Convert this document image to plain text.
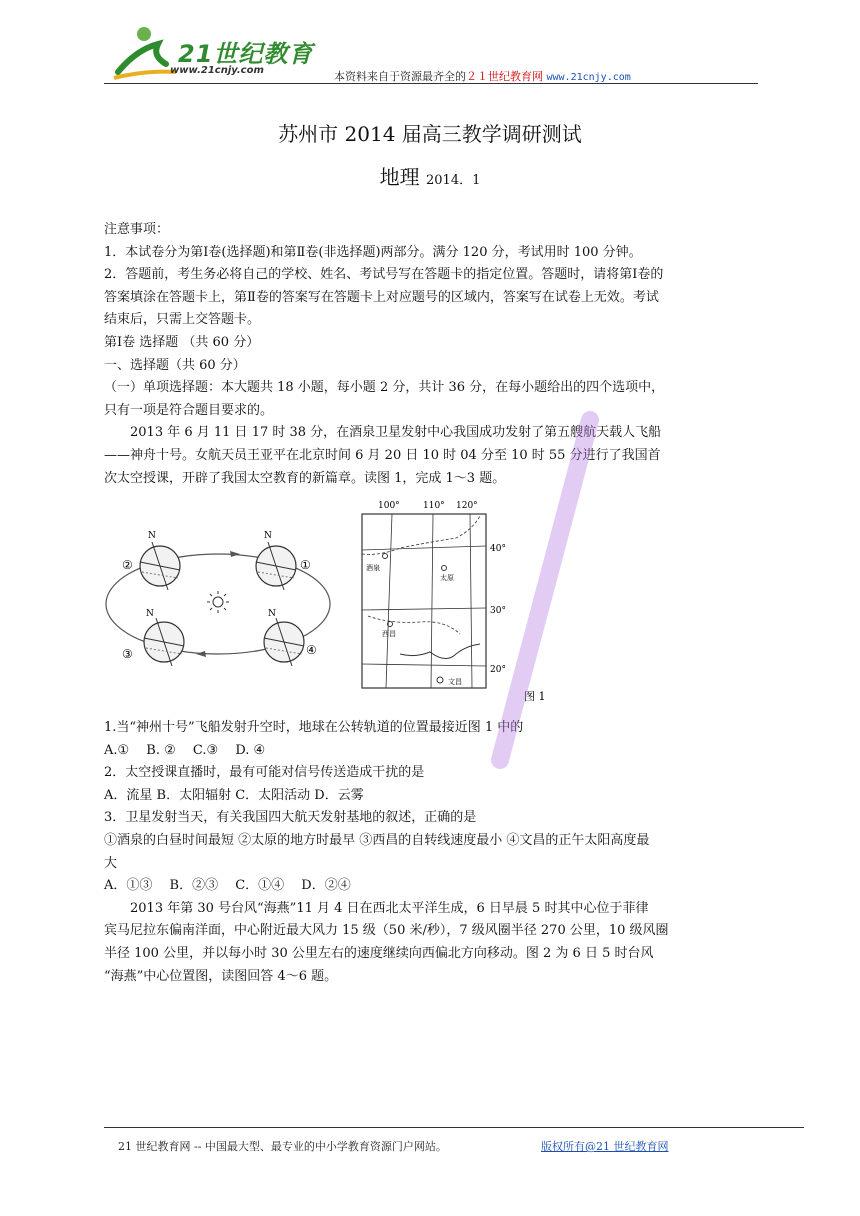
21世纪教育
www.21cnjy.com	本资料来自于资源最齐全的２１世纪教育网 www.21cnjy.com
苏州市 2014 届高三教学调研测试
地理 2014．1

注意事项：

1．本试卷分为第Ⅰ卷(选择题)和第Ⅱ卷(非选择题)两部分。满分 120 分，考试用时 100 分钟。

2．答题前，考生务必将自己的学校、姓名、考试号写在答题卡的指定位置。答题时，请将第Ⅰ卷的

答案填涂在答题卡上，第Ⅱ卷的答案写在答题卡上对应题号的区域内，答案写在试卷上无效。考试

结束后，只需上交答题卡。

第Ⅰ卷 选择题 （共 60 分）

一、选择题（共 60 分）

（一）单项选择题：本大题共 18 小题，每小题 2 分，共计 36 分，在每小题给出的四个选项中，

只有一项是符合题目要求的。

2013 年 6 月 11 日 17 时 38 分，在酒泉卫星发射中心我国成功发射了第五艘航天载人飞船

——神舟十号。女航天员王亚平在北京时间 6 月 20 日 10 时 04 分至 10 时 55 分进行了我国首

次太空授课，开辟了我国太空教育的新篇章。读图 1，完成 1～3 题。

N
②
N
①
N
③
N
④
100°	110° 120°
40°
30°
20°
酒泉
太原
西昌
文昌
图 1

1.当“神州十号”飞船发射升空时，地球在公转轨道的位置最接近图 1 中的

A.①　 B. ②　 C.③　 D. ④

2．太空授课直播时，最有可能对信号传送造成干扰的是

A．流星 B．太阳辐射 C．太阳活动 D．云雾

3．卫星发射当天，有关我国四大航天发射基地的叙述，正确的是

①酒泉的白昼时间最短 ②太原的地方时最早 ③西昌的自转线速度最小 ④文昌的正午太阳高度最

大

A．①③　 B．②③　 C．①④　 D．②④

2013 年第 30 号台风“海燕”11 月 4 日在西北太平洋生成，6 日早晨 5 时其中心位于菲律

宾马尼拉东偏南洋面，中心附近最大风力 15 级（50 米/秒），7 级风圈半径 270 公里，10 级风圈

半径 100 公里，并以每小时 30 公里左右的速度继续向西偏北方向移动。图 2 为 6 日 5 时台风

“海燕”中心位置图，读图回答 4～6 题。

21 世纪教育网 -- 中国最大型、最专业的中小学教育资源门户网站。	版权所有@21 世纪教育网
